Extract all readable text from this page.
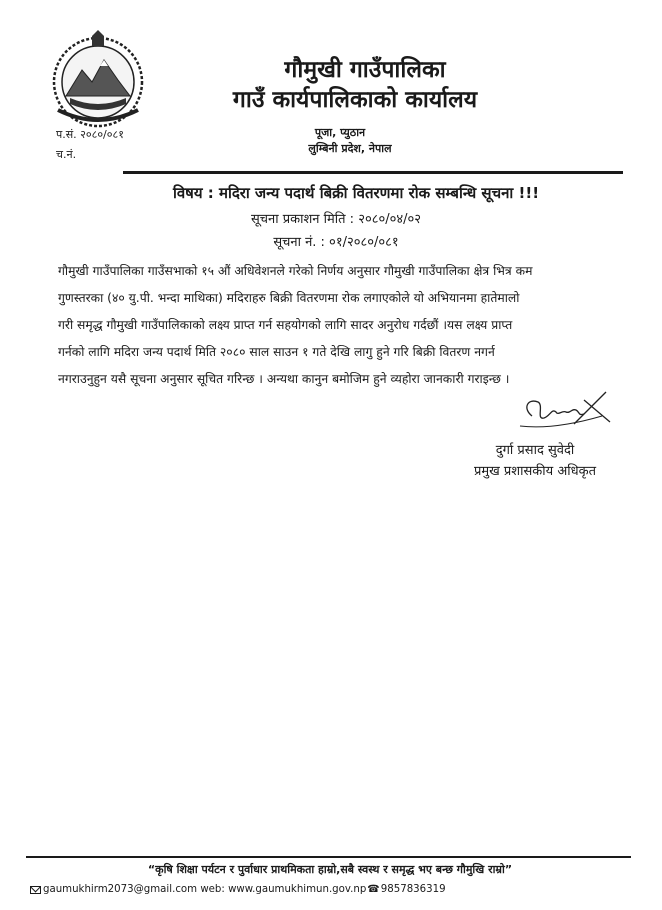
गौमुखी गाउँपालिका
गाउँ कार्यपालिकाको कार्यालय
पूजा, प्युठान
लुम्बिनी प्रदेश, नेपाल
प.सं. २०८०/०८१
च.नं.
विषय : मदिरा जन्य पदार्थ बिक्री वितरणमा रोक सम्बन्धि सूचना !!!
सूचना प्रकाशन मिति : २०८०/०४/०२
सूचना नं. : ०१/२०८०/०८१
गौमुखी गाउँपालिका गाउँसभाको १५ औं अधिवेशनले गरेको निर्णय अनुसार गौमुखी गाउँपालिका क्षेत्र भित्र कम
गुणस्तरका (४० यु.पी. भन्दा माथिका) मदिराहरु बिक्री वितरणमा रोक लगाएकोले यो अभियानमा हातेमालो
गरी समृद्ध गौमुखी गाउँपालिकाको लक्ष्य प्राप्त गर्न सहयोगको लागि सादर अनुरोध गर्दछौं ।यस लक्ष्य प्राप्त
गर्नको लागि मदिरा जन्य पदार्थ मिति २०८० साल साउन १ गते देखि लागु हुने गरि बिक्री वितरण नगर्न
नगराउनुहुन यसै सूचना अनुसार सूचित गरिन्छ । अन्यथा कानुन बमोजिम हुने व्यहोरा जानकारी गराइन्छ ।
दुर्गा प्रसाद सुवेदी
प्रमुख प्रशासकीय अधिकृत
“कृषि शिक्षा पर्यटन र पुर्वाधार प्राथमिकता हाम्रो,सबै स्वस्थ र समृद्ध भए बन्छ गौमुखि राम्रो”
gaumukhirm2073@gmail.com web: www.gaumukhimun.gov.np☎9857836319
